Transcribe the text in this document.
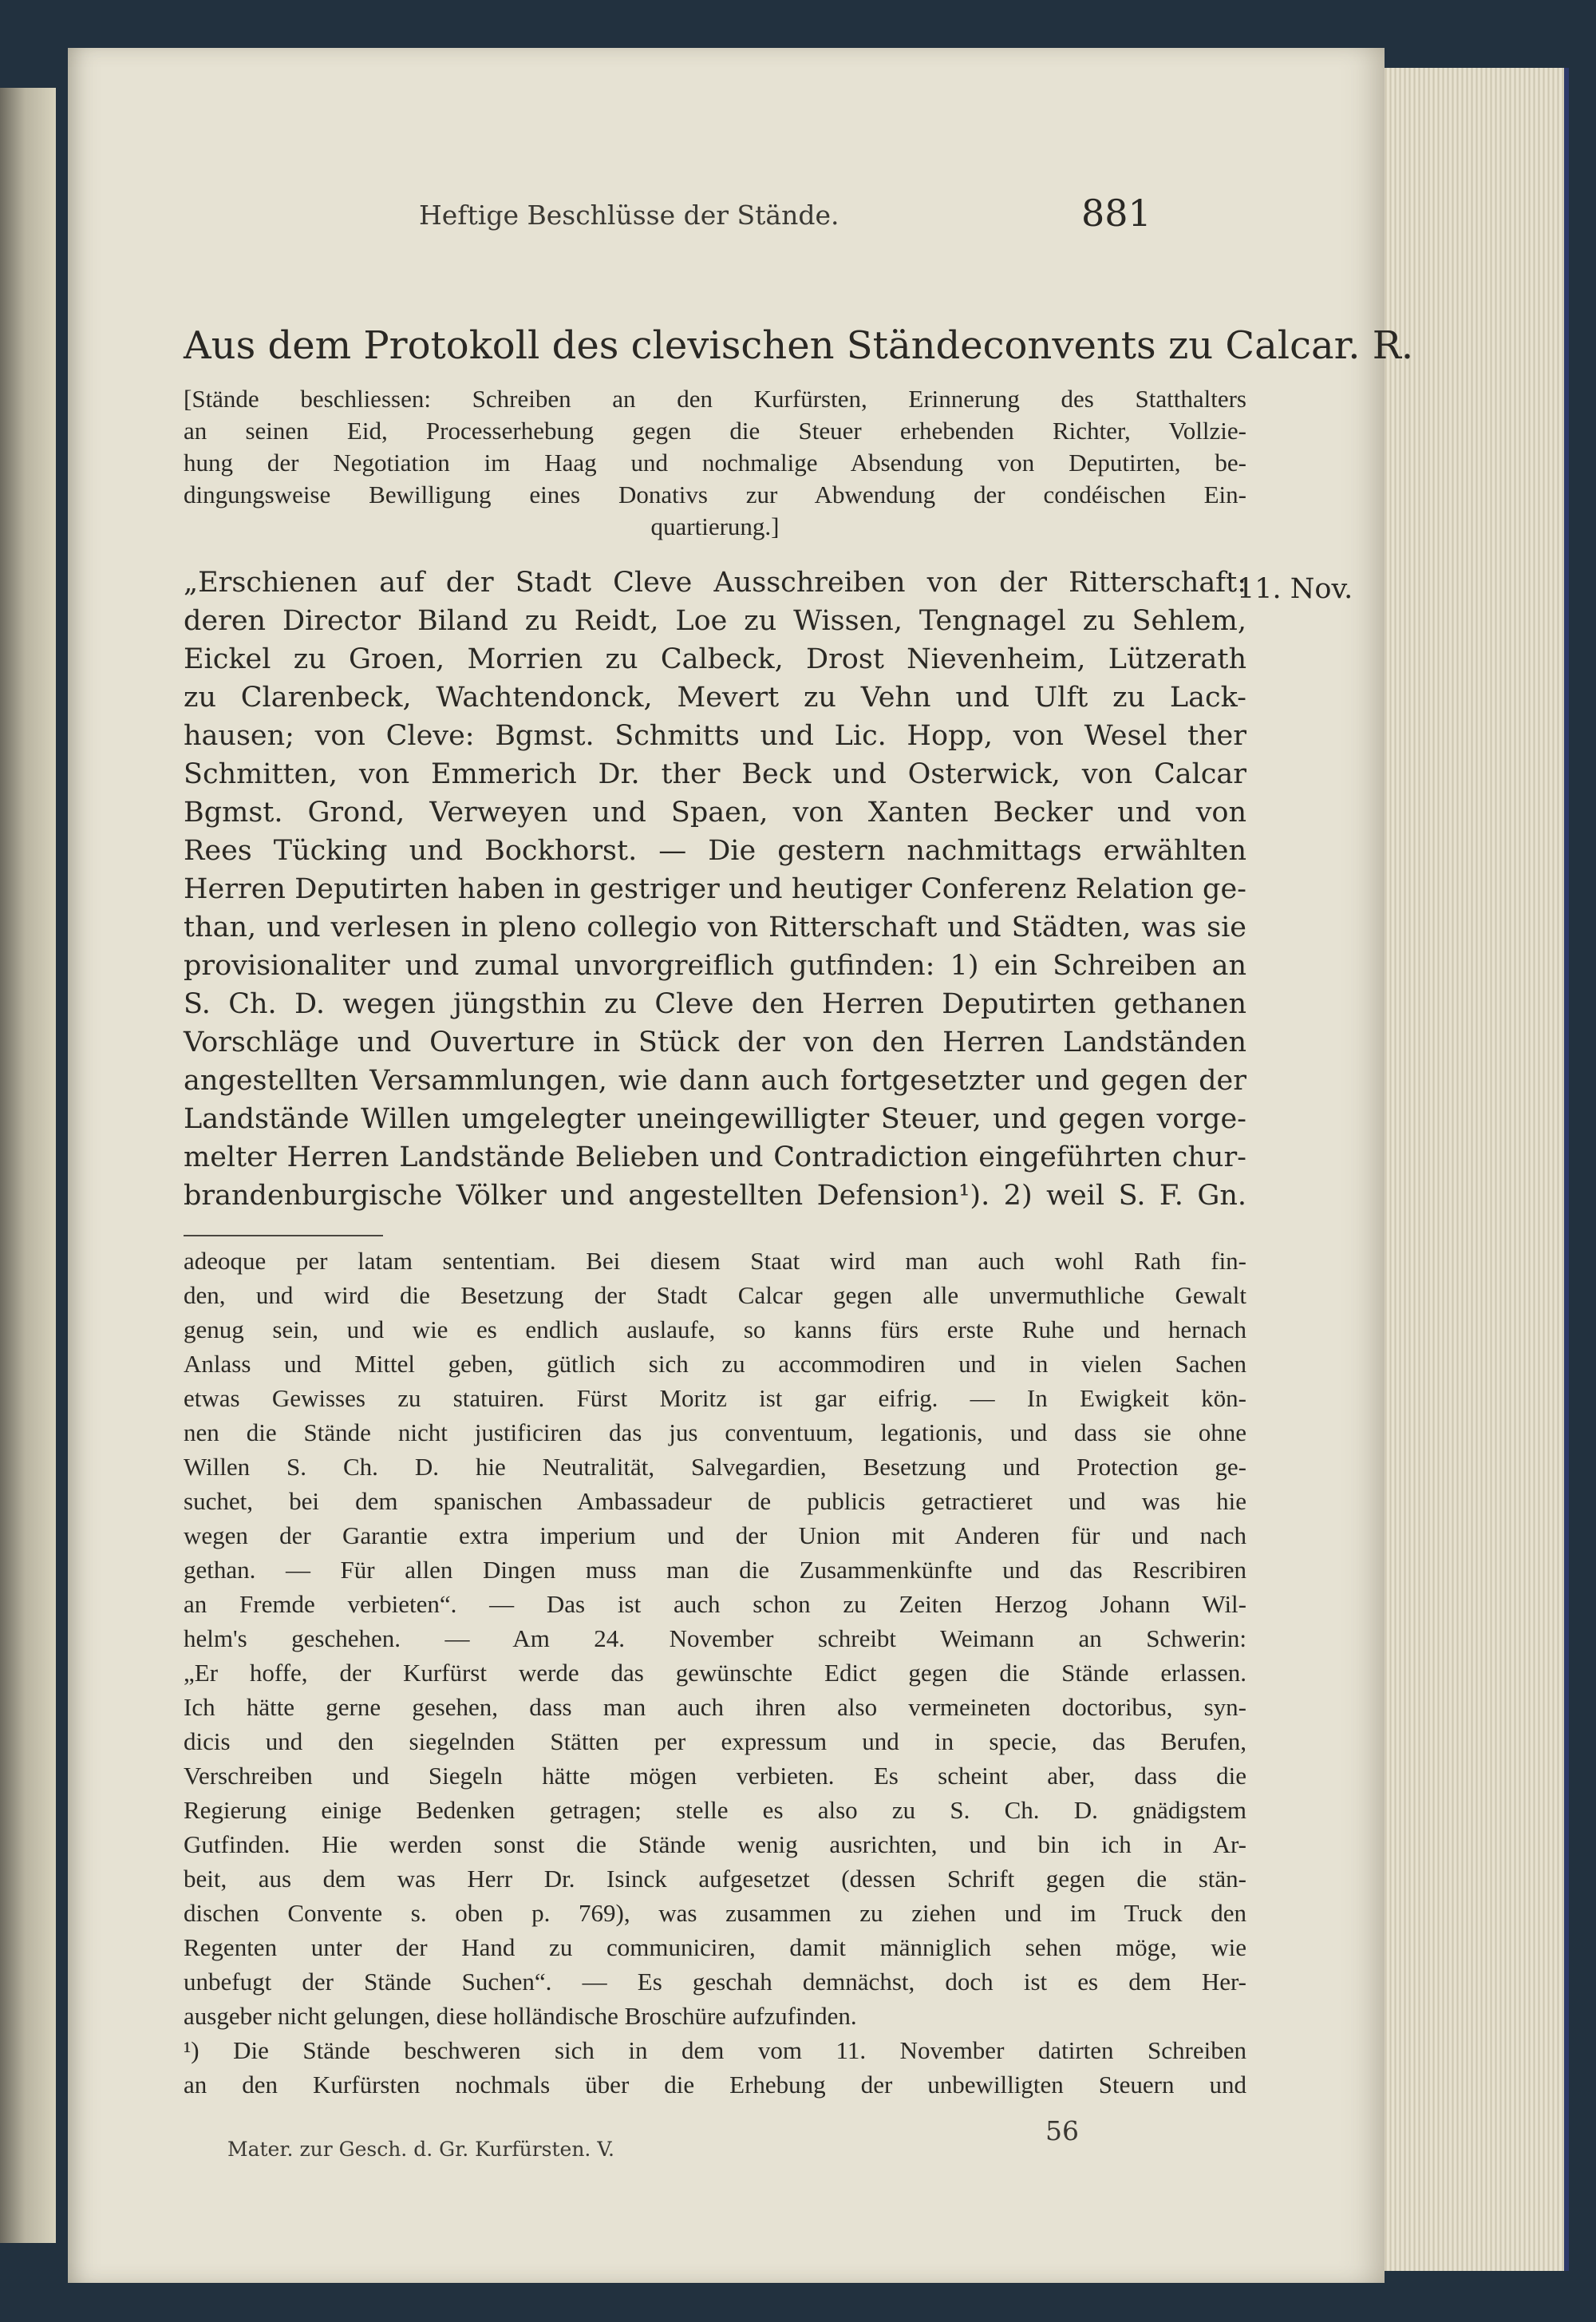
Heftige Beschlüsse der Stände.	881
Aus dem Protokoll des clevischen Ständeconvents zu Calcar. R.
[Stände beschliessen: Schreiben an den Kurfürsten, Erinnerung des Statthalters
an seinen Eid, Processerhebung gegen die Steuer erhebenden Richter, Vollzie-
hung der Negotiation im Haag und nochmalige Absendung von Deputirten, be-
dingungsweise Bewilligung eines Donativs zur Abwendung der condéischen Ein-
quartierung.]
11. Nov.
„Erschienen auf der Stadt Cleve Ausschreiben von der Ritterschaft:
deren Director Biland zu Reidt, Loe zu Wissen, Tengnagel zu Sehlem,
Eickel zu Groen, Morrien zu Calbeck, Drost Nievenheim, Lützerath
zu Clarenbeck, Wachtendonck, Mevert zu Vehn und Ulft zu Lack-
hausen; von Cleve: Bgmst. Schmitts und Lic. Hopp, von Wesel ther
Schmitten, von Emmerich Dr. ther Beck und Osterwick, von Calcar
Bgmst. Grond, Verweyen und Spaen, von Xanten Becker und von
Rees Tücking und Bockhorst. — Die gestern nachmittags erwählten
Herren Deputirten haben in gestriger und heutiger Conferenz Relation ge-
than, und verlesen in pleno collegio von Ritterschaft und Städten, was sie
provisionaliter und zumal unvorgreiflich gutfinden: 1) ein Schreiben an
S. Ch. D. wegen jüngsthin zu Cleve den Herren Deputirten gethanen
Vorschläge und Ouverture in Stück der von den Herren Landständen
angestellten Versammlungen, wie dann auch fortgesetzter und gegen der
Landstände Willen umgelegter uneingewilligter Steuer, und gegen vorge-
melter Herren Landstände Belieben und Contradiction eingeführten chur-
brandenburgische Völker und angestellten Defension¹). 2) weil S. F. Gn.
adeoque per latam sententiam. Bei diesem Staat wird man auch wohl Rath fin-
den, und wird die Besetzung der Stadt Calcar gegen alle unvermuthliche Gewalt
genug sein, und wie es endlich auslaufe, so kanns fürs erste Ruhe und hernach
Anlass und Mittel geben, gütlich sich zu accommodiren und in vielen Sachen
etwas Gewisses zu statuiren. Fürst Moritz ist gar eifrig. — In Ewigkeit kön-
nen die Stände nicht justificiren das jus conventuum, legationis, und dass sie ohne
Willen S. Ch. D. hie Neutralität, Salvegardien, Besetzung und Protection ge-
suchet, bei dem spanischen Ambassadeur de publicis getractieret und was hie
wegen der Garantie extra imperium und der Union mit Anderen für und nach
gethan. — Für allen Dingen muss man die Zusammenkünfte und das Rescribiren
an Fremde verbieten“. — Das ist auch schon zu Zeiten Herzog Johann Wil-
helm's geschehen. — Am 24. November schreibt Weimann an Schwerin:
„Er hoffe, der Kurfürst werde das gewünschte Edict gegen die Stände erlassen.
Ich hätte gerne gesehen, dass man auch ihren also vermeineten doctoribus, syn-
dicis und den siegelnden Stätten per expressum und in specie, das Berufen,
Verschreiben und Siegeln hätte mögen verbieten. Es scheint aber, dass die
Regierung einige Bedenken getragen; stelle es also zu S. Ch. D. gnädigstem
Gutfinden. Hie werden sonst die Stände wenig ausrichten, und bin ich in Ar-
beit, aus dem was Herr Dr. Isinck aufgesetzet (dessen Schrift gegen die stän-
dischen Convente s. oben p. 769), was zusammen zu ziehen und im Truck den
Regenten unter der Hand zu communiciren, damit männiglich sehen möge, wie
unbefugt der Stände Suchen“. — Es geschah demnächst, doch ist es dem Her-
ausgeber nicht gelungen, diese holländische Broschüre aufzufinden.
¹) Die Stände beschweren sich in dem vom 11. November datirten Schreiben
an den Kurfürsten nochmals über die Erhebung der unbewilligten Steuern und
Mater. zur Gesch. d. Gr. Kurfürsten. V.
56
